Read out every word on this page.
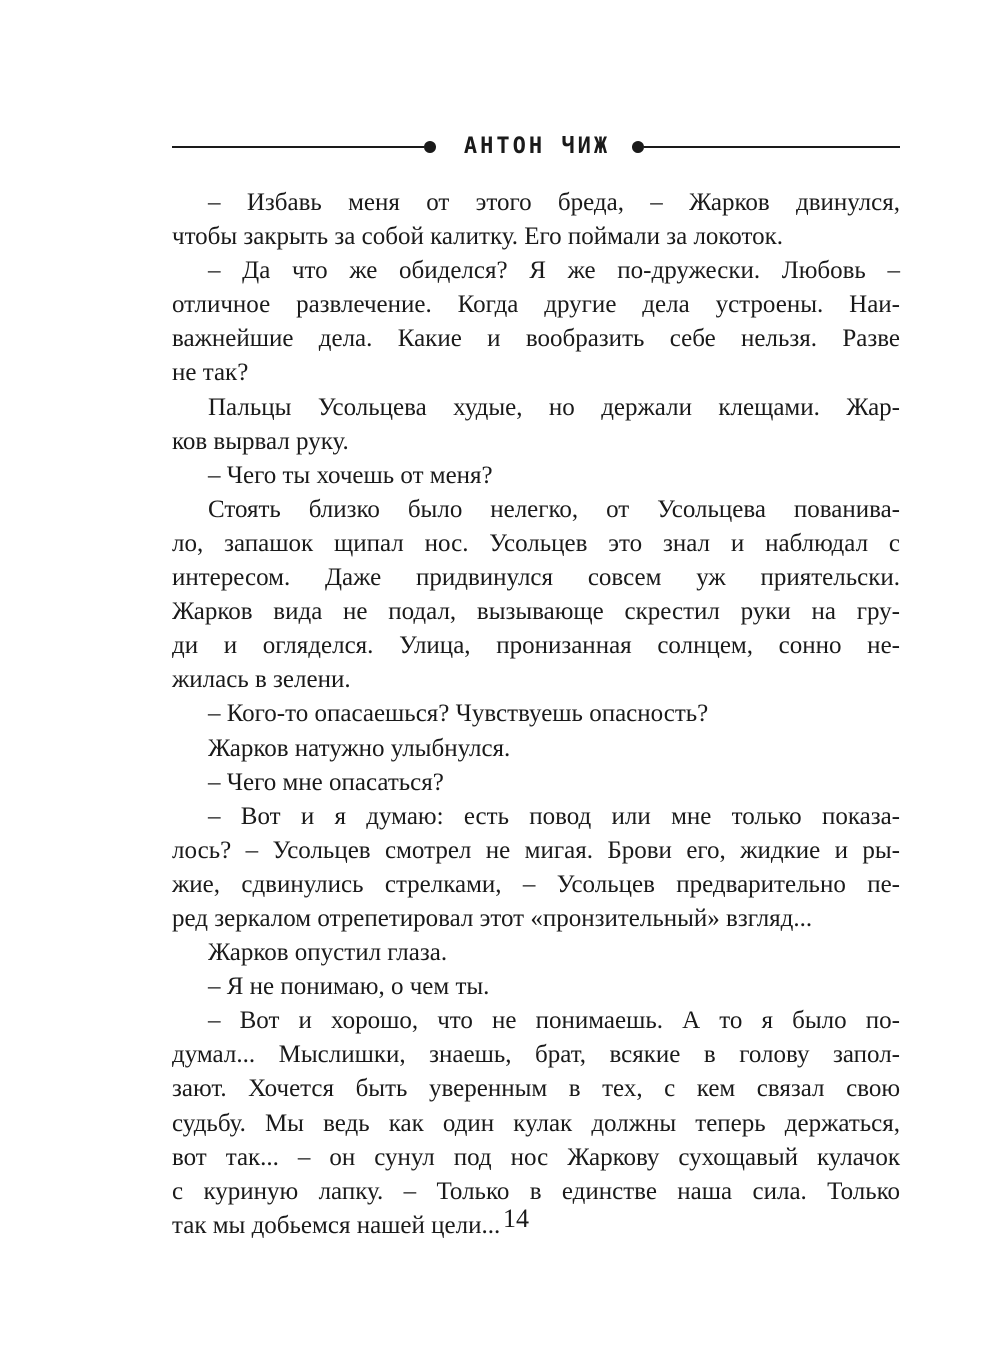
АНТОН ЧИЖ
– Избавь меня от этого бреда, – Жарков двинулся,
чтобы закрыть за собой калитку. Его поймали за локоток.
– Да что же обиделся? Я же по-дружески. Любовь –
отличное развлечение. Когда другие дела устроены. Наи-
важнейшие дела. Какие и вообразить себе нельзя. Разве
не так?
Пальцы Усольцева худые, но держали клещами. Жар-
ков вырвал руку.
– Чего ты хочешь от меня?
Стоять близко было нелегко, от Усольцева пованива-
ло, запашок щипал нос. Усольцев это знал и наблюдал с
интересом. Даже придвинулся совсем уж приятельски.
Жарков вида не подал, вызывающе скрестил руки на гру-
ди и огляделся. Улица, пронизанная солнцем, сонно не-
жилась в зелени.
– Кого-то опасаешься? Чувствуешь опасность?
Жарков натужно улыбнулся.
– Чего мне опасаться?
– Вот и я думаю: есть повод или мне только показа-
лось? – Усольцев смотрел не мигая. Брови его, жидкие и ры-
жие, сдвинулись стрелками, – Усольцев предварительно пе-
ред зеркалом отрепетировал этот «пронзительный» взгляд...
Жарков опустил глаза.
– Я не понимаю, о чем ты.
– Вот и хорошо, что не понимаешь. А то я было по-
думал... Мыслишки, знаешь, брат, всякие в голову запол-
зают. Хочется быть уверенным в тех, с кем связал свою
судьбу. Мы ведь как один кулак должны теперь держаться,
вот так... – он сунул под нос Жаркову сухощавый кулачок
с куриную лапку. – Только в единстве наша сила. Только
так мы добьемся нашей цели... 14
